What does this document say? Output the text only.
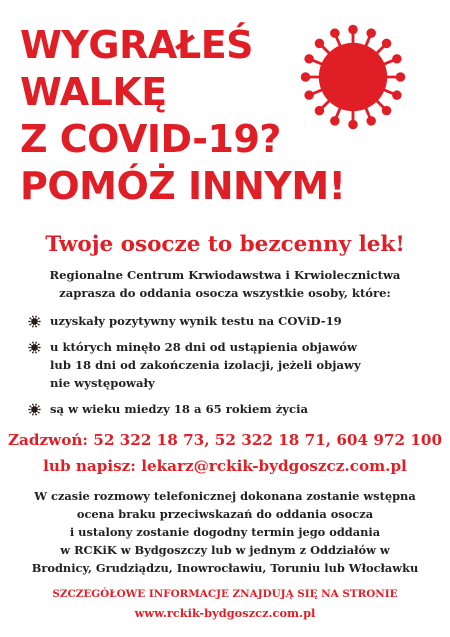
WYGRAŁEŚ
WALKĘ
Z COVID-19?
POMÓŻ INNYM!
Twoje osocze to bezcenny lek!
Regionalne Centrum Krwiodawstwa i Krwiolecznictwa
zaprasza do oddania osocza wszystkie osoby, które:
uzyskały pozytywny wynik testu na COViD-19
u których minęło 28 dni od ustąpienia objawów
lub 18 dni od zakończenia izolacji, jeżeli objawy
nie występowały
są w wieku miedzy 18 a 65 rokiem życia
Zadzwoń: 52 322 18 73, 52 322 18 71, 604 972 100
lub napisz: lekarz@rckik-bydgoszcz.com.pl
W czasie rozmowy telefonicznej dokonana zostanie wstępna
ocena braku przeciwskazań do oddania osocza
i ustalony zostanie dogodny termin jego oddania
w RCKiK w Bydgoszczy lub w jednym z Oddziałów w
Brodnicy, Grudziądzu, Inowrocławiu, Toruniu lub Włocławku
SZCZEGÓŁOWE INFORMACJE ZNAJDUJĄ SIĘ NA STRONIE
www.rckik-bydgoszcz.com.pl
